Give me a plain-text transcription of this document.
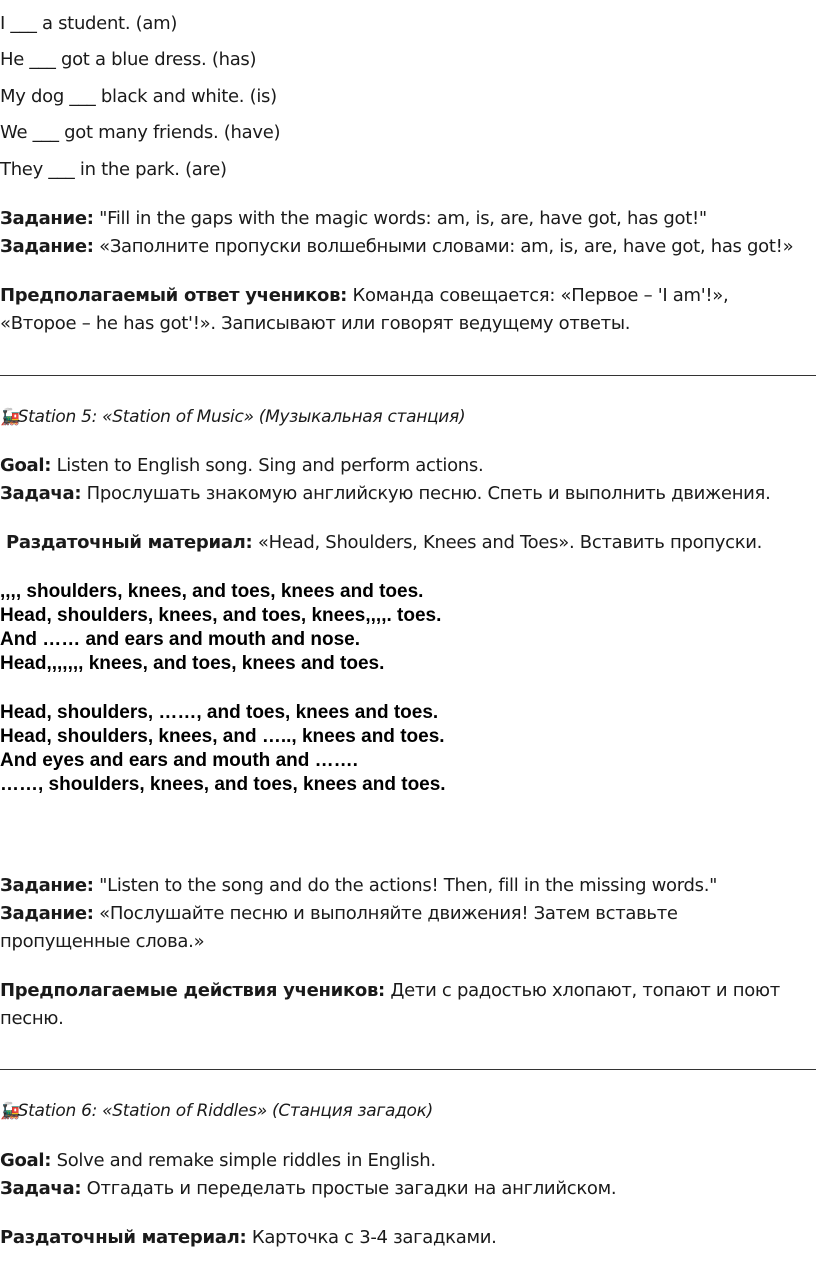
I ___ a student. (am)
He ___ got a blue dress. (has)
My dog ___ black and white. (is)
We ___ got many friends. (have)
They ___ in the park. (are)
Задание: "Fill in the gaps with the magic words: am, is, are, have got, has got!"
Задание: «Заполните пропуски волшебными словами: am, is, are, have got, has got!»
Предполагаемый ответ учеников: Команда совещается: «Первое – 'I am'!»,
«Второе – he has got'!». Записывают или говорят ведущему ответы.
🚂Station 5: «Station of Music» (Музыкальная станция)
Goal: Listen to English song. Sing and perform actions.
Задача: Прослушать знакомую английскую песню. Спеть и выполнить движения.
Раздаточный материал: «Head, Shoulders, Knees and Toes». Вставить пропуски.
,,,, shoulders, knees, and toes, knees and toes.
Head, shoulders, knees, and toes, knees,,,,. toes.
And …… and ears and mouth and nose.
Head,,,,,,, knees, and toes, knees and toes.
Head, shoulders, ……, and toes, knees and toes.
Head, shoulders, knees, and ….., knees and toes.
And eyes and ears and mouth and …….
……, shoulders, knees, and toes, knees and toes.
Задание: "Listen to the song and do the actions! Then, fill in the missing words."
Задание: «Послушайте песню и выполняйте движения! Затем вставьте
пропущенные слова.»
Предполагаемые действия учеников: Дети с радостью хлопают, топают и поют
песню.
🚂Station 6: «Station of Riddles» (Станция загадок)
Goal: Solve and remake simple riddles in English.
Задача: Отгадать и переделать простые загадки на английском.
Раздаточный материал: Карточка с 3-4 загадками.
